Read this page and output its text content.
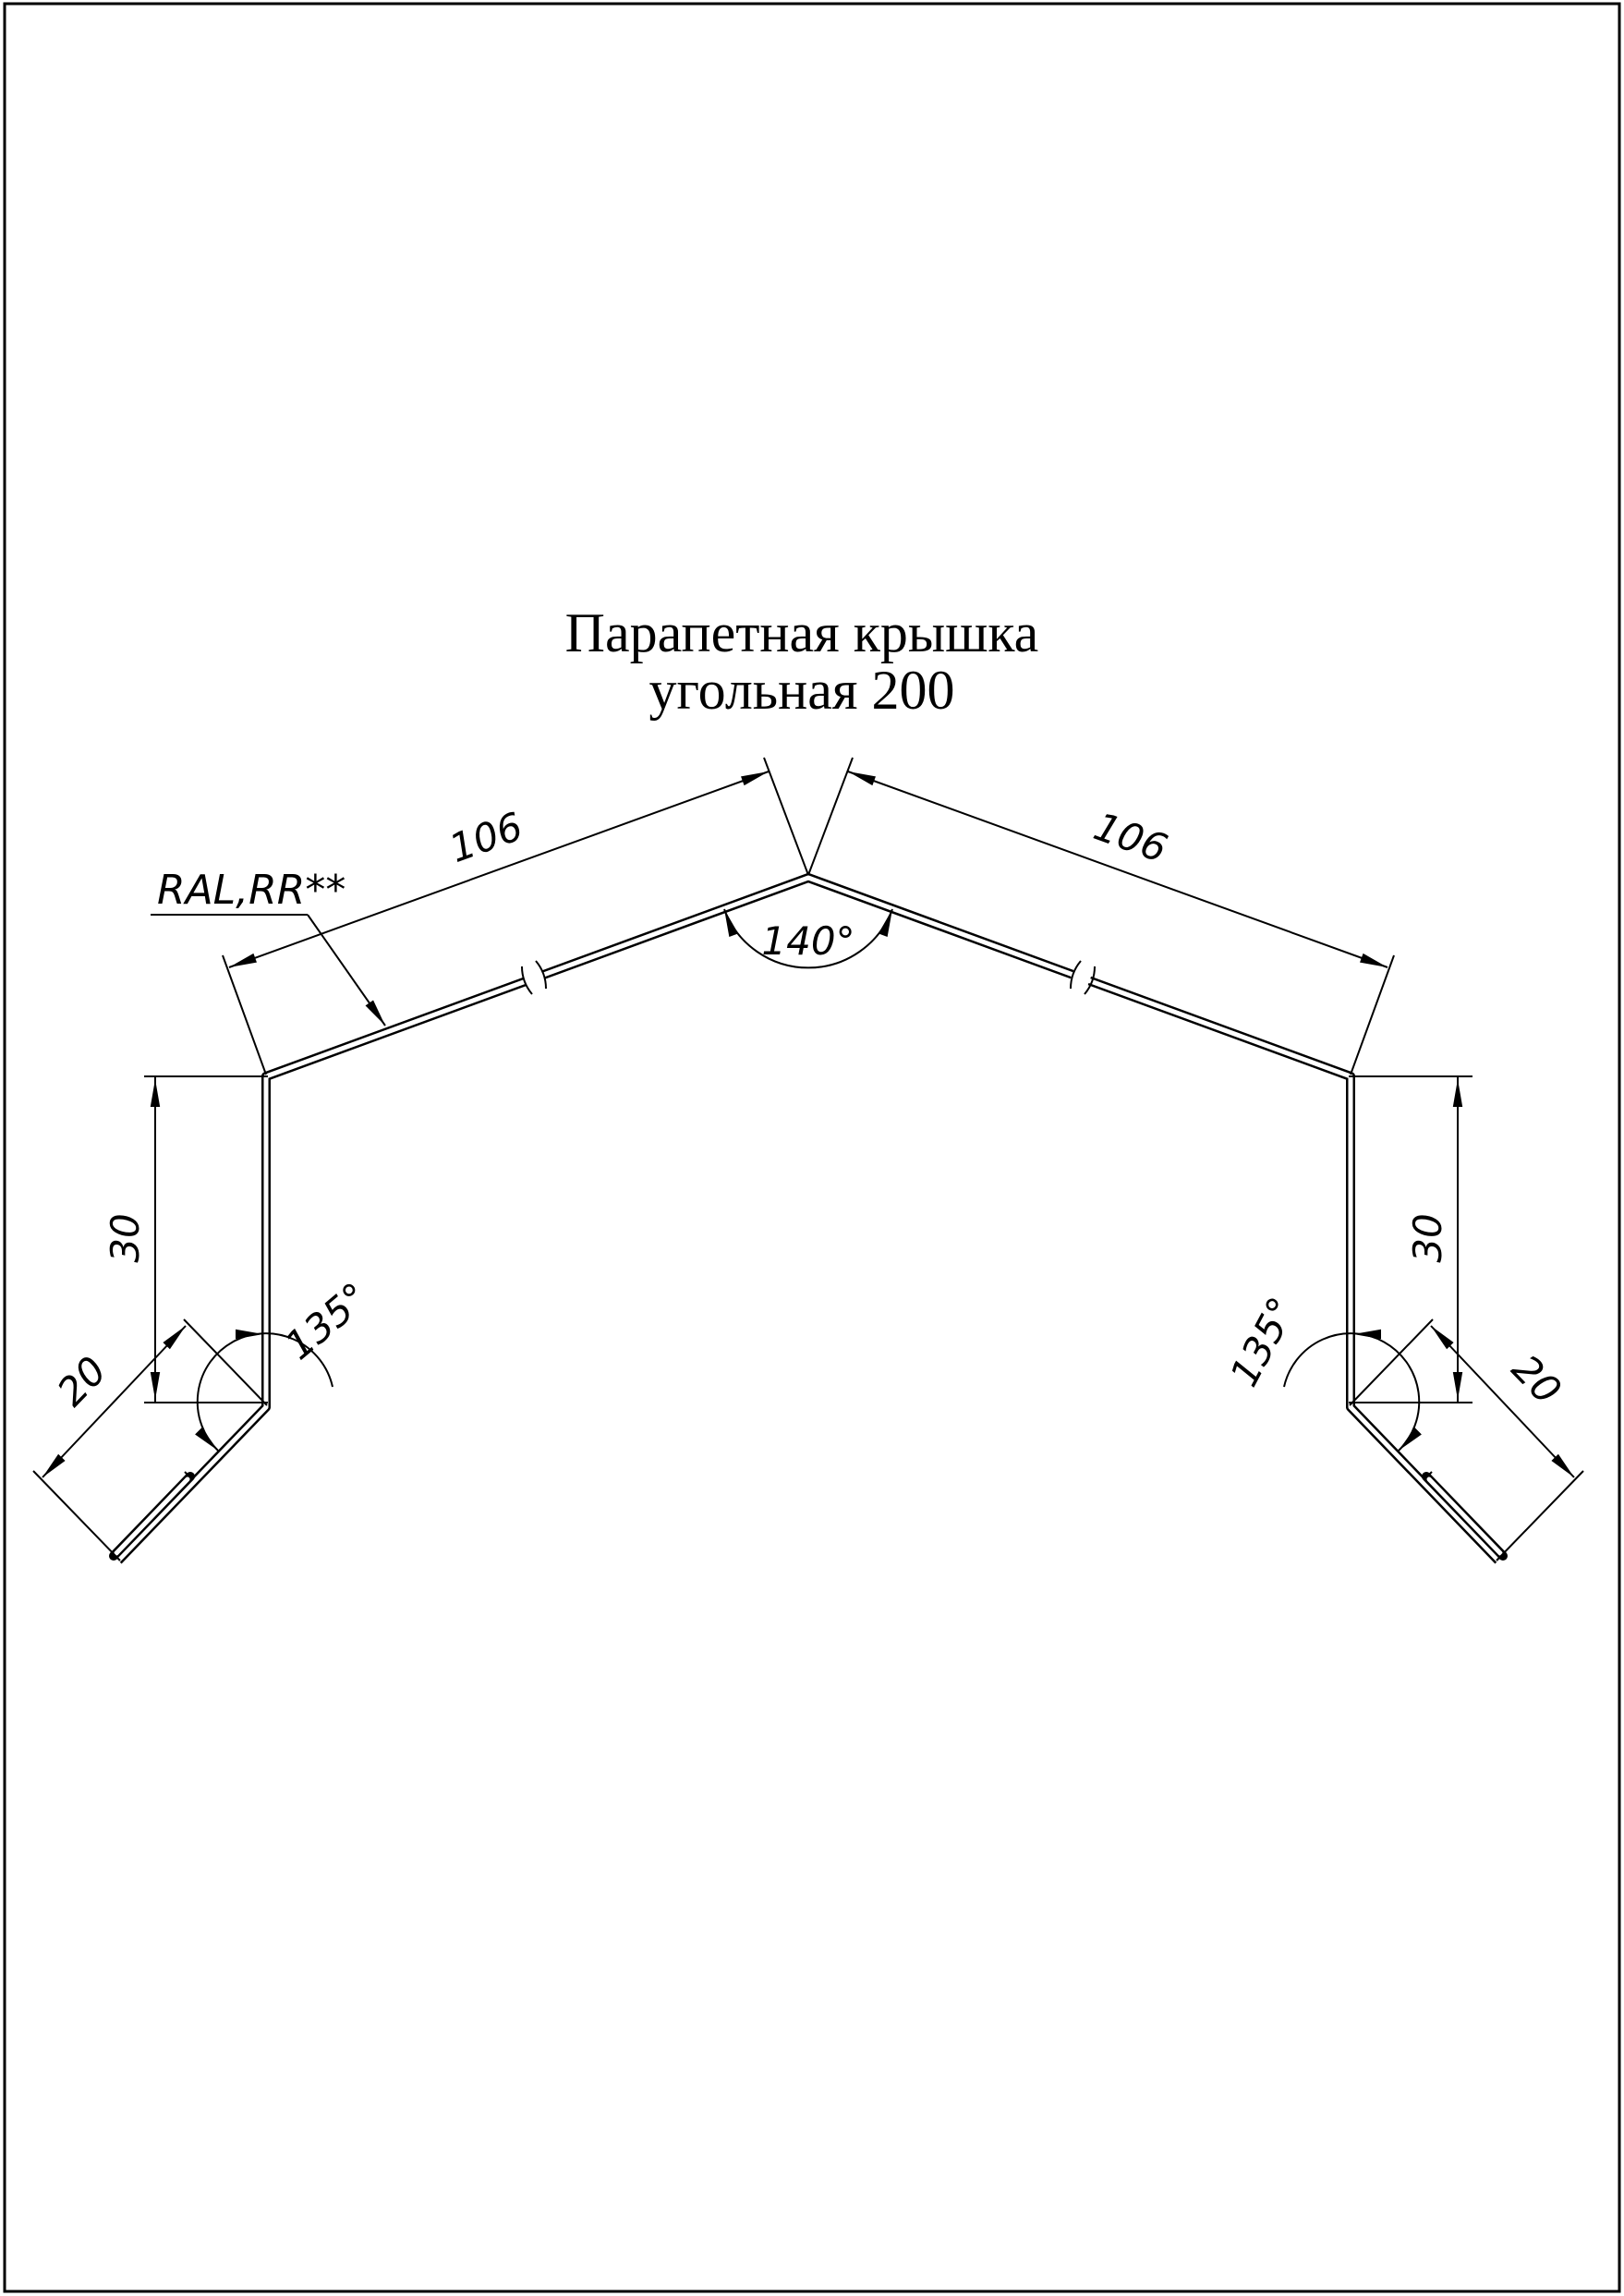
Парапетная крышка
угольная 200
RAL,RR**
106	106
140°
30	30
20	20
135°	135°
